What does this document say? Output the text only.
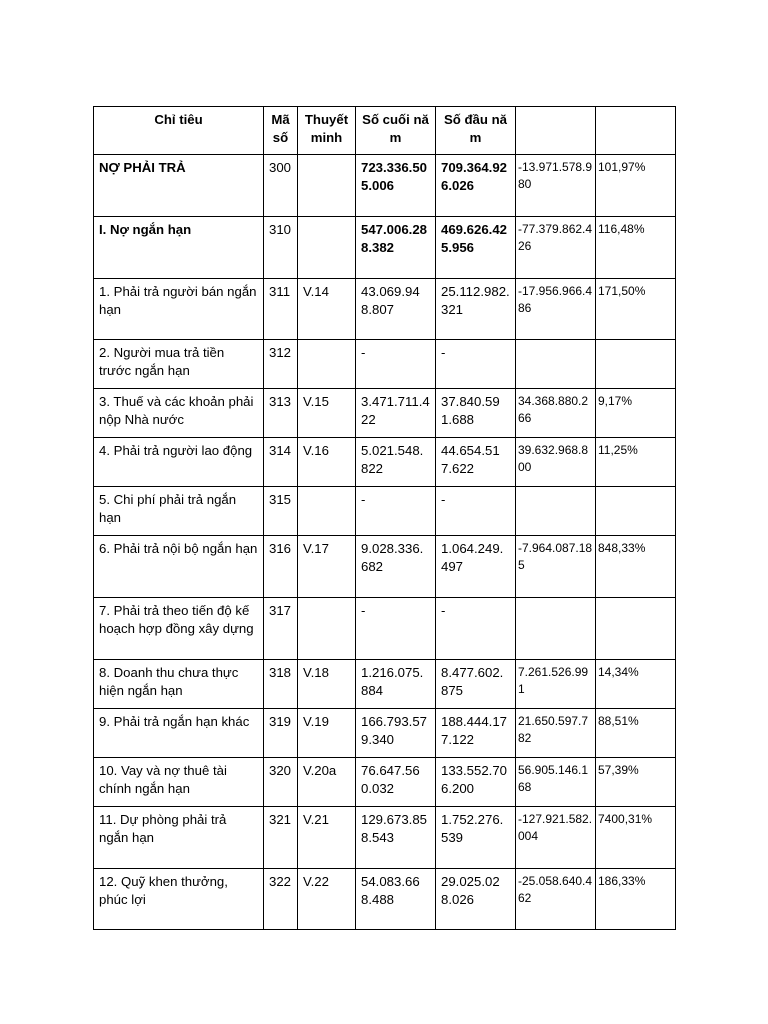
Chỉ tiêu	Mã số	Thuyết minh	Số cuối năm	Số đầu năm		
NỢ PHẢI TRẢ	300		723.336.505.006	709.364.926.026	-13.971.578.980	101,97%
I. Nợ ngắn hạn	310		547.006.288.382	469.626.425.956	-77.379.862.426	116,48%
1. Phải trả người bán ngắn hạn	311	V.14	43.069.948.807	25.112.982.321	-17.956.966.486	171,50%
2. Người mua trả tiền trước ngắn hạn	312		-	-		
3. Thuế và các khoản phải nộp Nhà nước	313	V.15	3.471.711.422	37.840.591.688	34.368.880.266	9,17%
4. Phải trả người lao động	314	V.16	5.021.548.822	44.654.517.622	39.632.968.800	11,25%
5. Chi phí phải trả ngắn hạn	315		-	-		
6. Phải trả nội bộ ngắn hạn	316	V.17	9.028.336.682	1.064.249.497	-7.964.087.185	848,33%
7. Phải trả theo tiến độ kế hoạch hợp đồng xây dựng	317		-	-		
8. Doanh thu chưa thực hiện ngắn hạn	318	V.18	1.216.075.884	8.477.602.875	7.261.526.991	14,34%
9. Phải trả ngắn hạn khác	319	V.19	166.793.579.340	188.444.177.122	21.650.597.782	88,51%
10. Vay và nợ thuê tài chính ngắn hạn	320	V.20a	76.647.560.032	133.552.706.200	56.905.146.168	57,39%
11. Dự phòng phải trả ngắn hạn	321	V.21	129.673.858.543	1.752.276.539	-127.921.582.004	7400,31%
12. Quỹ khen thưởng, phúc lợi	322	V.22	54.083.668.488	29.025.028.026	-25.058.640.462	186,33%
